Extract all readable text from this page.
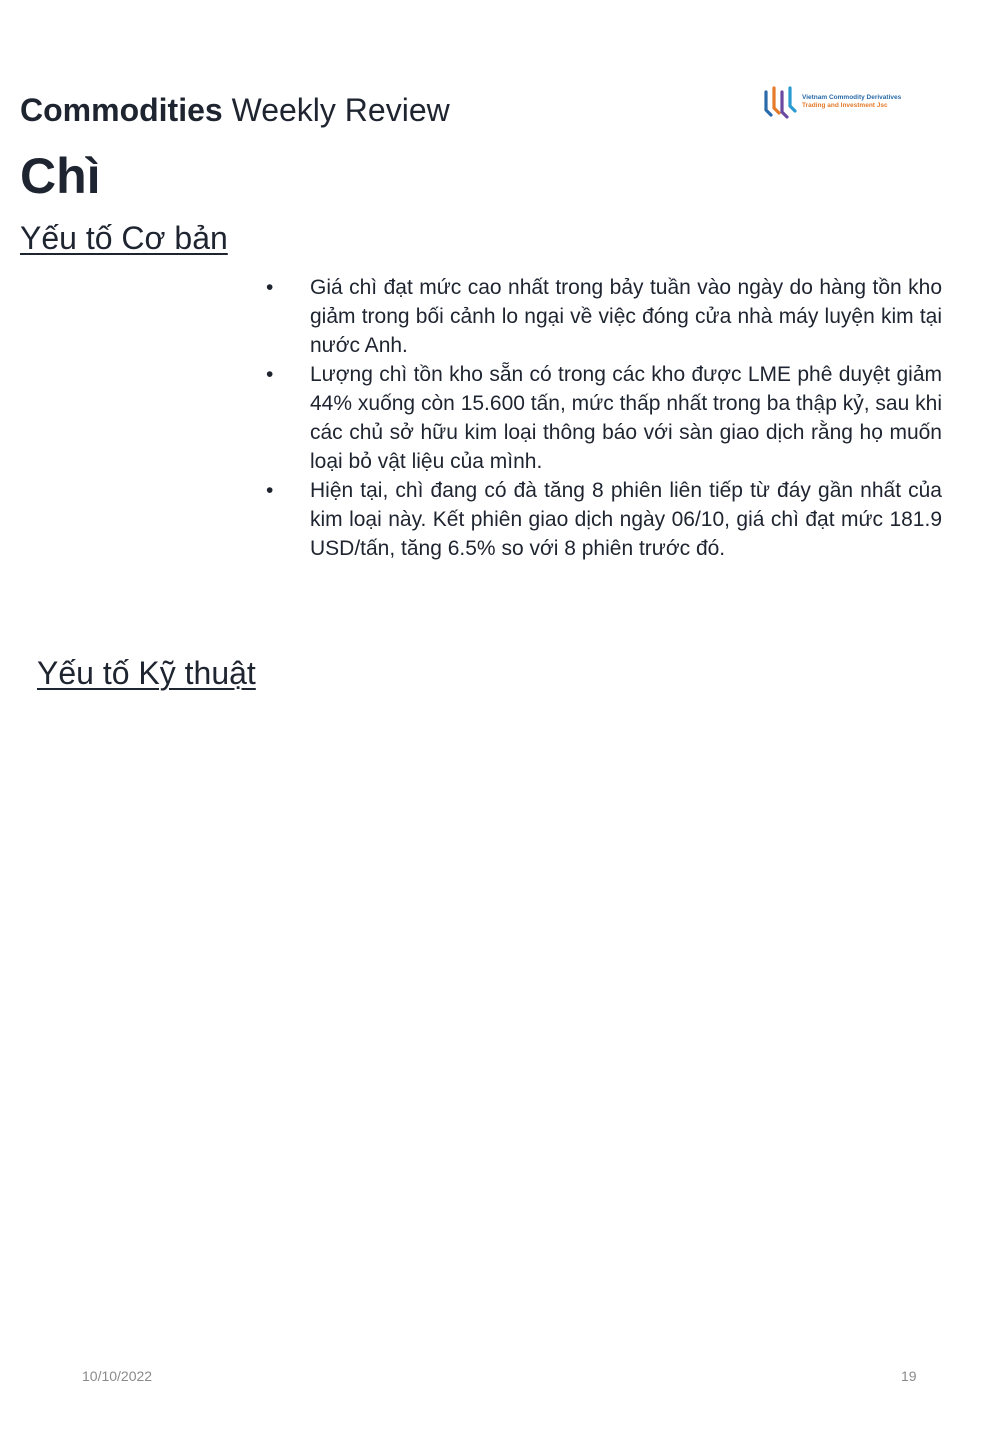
Commodities Weekly Review	Vietnam Commodity Derivatives
Trading and Investment Jsc
Chì
Yếu tố Cơ bản
• Giá chì đạt mức cao nhất trong bảy tuần vào ngày do hàng tồn kho giảm trong bối cảnh lo ngại về việc đóng cửa nhà máy luyện kim tại nước Anh.
• Lượng chì tồn kho sẵn có trong các kho được LME phê duyệt giảm 44% xuống còn 15.600 tấn, mức thấp nhất trong ba thập kỷ, sau khi các chủ sở hữu kim loại thông báo với sàn giao dịch rằng họ muốn loại bỏ vật liệu của mình.
• Hiện tại, chì đang có đà tăng 8 phiên liên tiếp từ đáy gần nhất của kim loại này. Kết phiên giao dịch ngày 06/10, giá chì đạt mức 181.9 USD/tấn, tăng 6.5% so với 8 phiên trước đó.
Yếu tố Kỹ thuật
10/10/2022	19
